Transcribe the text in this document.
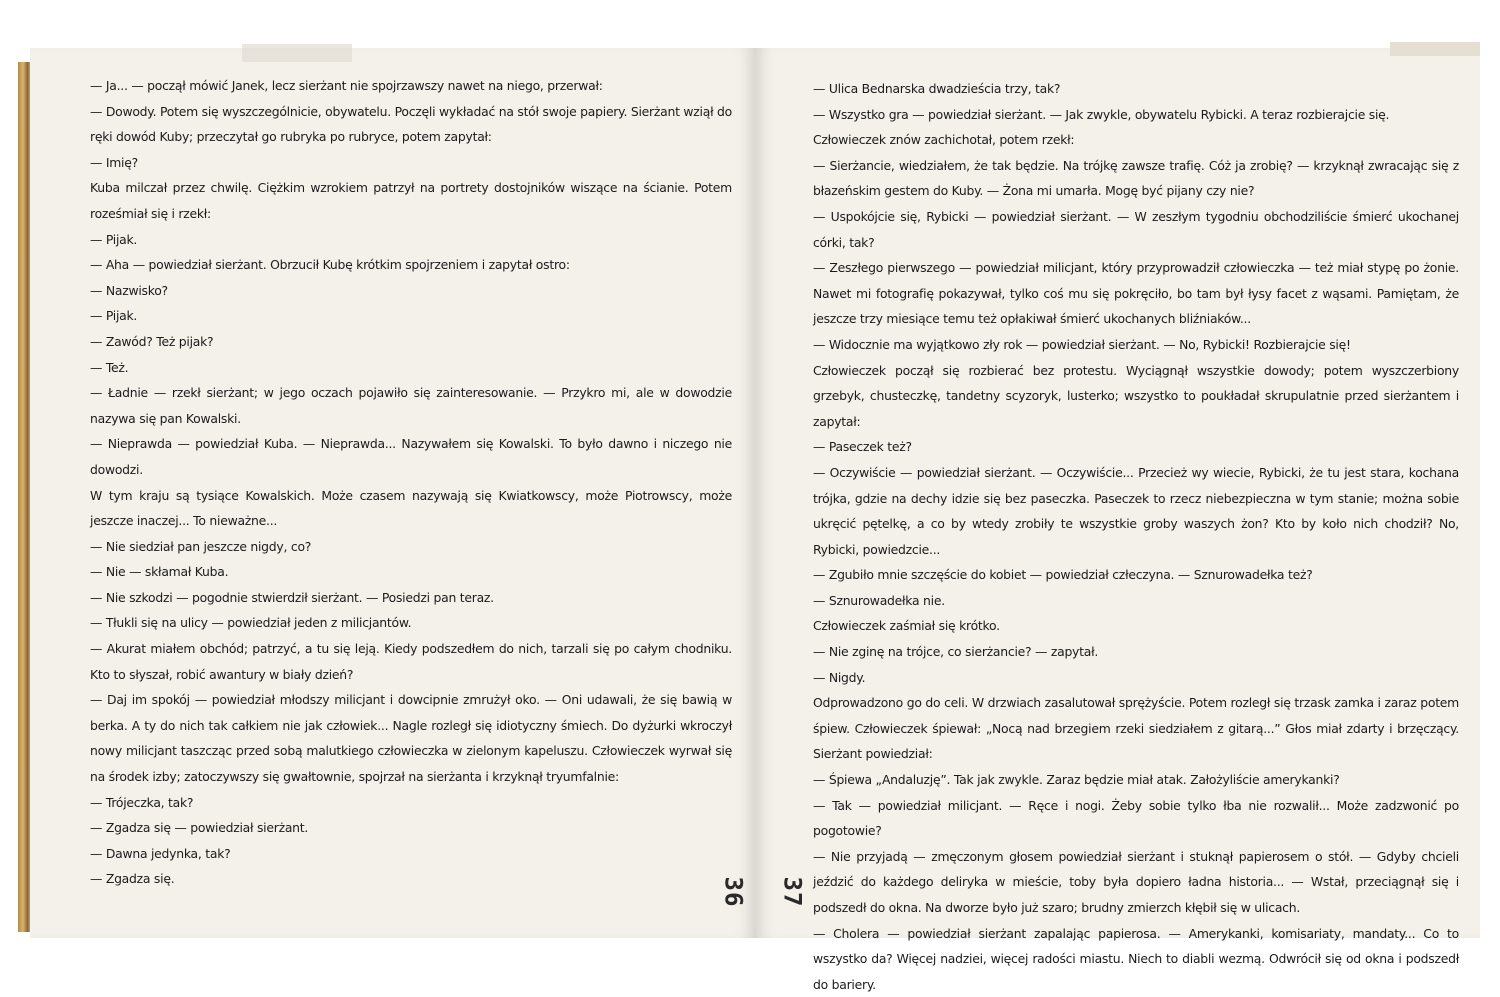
— Ja... — począł mówić Janek, lecz sierżant nie spojrzawszy nawet na niego, przerwał:

— Dowody. Potem się wyszczególnicie, obywatelu. Poczęli wykładać na stół swoje papiery. Sierżant wziął do ręki dowód Kuby; przeczytał go rubryka po rubryce, potem zapytał:

— Imię?

Kuba milczał przez chwilę. Ciężkim wzrokiem patrzył na portrety dostojników wiszące na ścianie. Potem roześmiał się i rzekł:

— Pijak.

— Aha — powiedział sierżant. Obrzucił Kubę krótkim spojrzeniem i zapytał ostro:

— Nazwisko?

— Pijak.

— Zawód? Też pijak?

— Też.

— Ładnie — rzekł sierżant; w jego oczach pojawiło się zainteresowanie. — Przykro mi, ale w dowodzie nazywa się pan Kowalski.

— Nieprawda — powiedział Kuba. — Nieprawda... Nazywałem się Kowalski. To było dawno i niczego nie dowodzi.

W tym kraju są tysiące Kowalskich. Może czasem nazywają się Kwiatkowscy, może Piotrowscy, może jeszcze inaczej... To nieważne...

— Nie siedział pan jeszcze nigdy, co?

— Nie — skłamał Kuba.

— Nie szkodzi — pogodnie stwierdził sierżant. — Posiedzi pan teraz.

— Tłukli się na ulicy — powiedział jeden z milicjantów.

— Akurat miałem obchód; patrzyć, a tu się leją. Kiedy podszedłem do nich, tarzali się po całym chodniku. Kto to słyszał, robić awantury w biały dzień?

— Daj im spokój — powiedział młodszy milicjant i dowcipnie zmrużył oko. — Oni udawali, że się bawią w berka. A ty do nich tak całkiem nie jak człowiek... Nagle rozległ się idiotyczny śmiech. Do dyżurki wkroczył nowy milicjant taszcząc przed sobą malutkiego człowieczka w zielonym kapeluszu. Człowieczek wyrwał się na środek izby; zatoczywszy się gwałtownie, spojrzał na sierżanta i krzyknął tryumfalnie:

— Trójeczka, tak?

— Zgadza się — powiedział sierżant.

— Dawna jedynka, tak?

— Zgadza się.	36

— Ulica Bednarska dwadzieścia trzy, tak?

— Wszystko gra — powiedział sierżant. — Jak zwykle, obywatelu Rybicki. A teraz rozbierajcie się.

Człowieczek znów zachichotał, potem rzekł:

— Sierżancie, wiedziałem, że tak będzie. Na trójkę zawsze trafię. Cóż ja zrobię? — krzyknął zwracając się z błazeńskim gestem do Kuby. — Żona mi umarła. Mogę być pijany czy nie?

— Uspokójcie się, Rybicki — powiedział sierżant. — W zeszłym tygodniu obchodziliście śmierć ukochanej córki, tak?

— Zeszłego pierwszego — powiedział milicjant, który przyprowadził człowieczka — też miał stypę po żonie. Nawet mi fotografię pokazywał, tylko coś mu się pokręciło, bo tam był łysy facet z wąsami. Pamiętam, że jeszcze trzy miesiące temu też opłakiwał śmierć ukochanych bliźniaków...

— Widocznie ma wyjątkowo zły rok — powiedział sierżant. — No, Rybicki! Rozbierajcie się!

Człowieczek począł się rozbierać bez protestu. Wyciągnął wszystkie dowody; potem wyszczerbiony grzebyk, chusteczkę, tandetny scyzoryk, lusterko; wszystko to poukładał skrupulatnie przed sierżantem i zapytał:

— Paseczek też?

— Oczywiście — powiedział sierżant. — Oczywiście... Przecież wy wiecie, Rybicki, że tu jest stara, kochana trójka, gdzie na dechy idzie się bez paseczka. Paseczek to rzecz niebezpieczna w tym stanie; można sobie ukręcić pętelkę, a co by wtedy zrobiły te wszystkie groby waszych żon? Kto by koło nich chodził? No, Rybicki, powiedzcie...

— Zgubiło mnie szczęście do kobiet — powiedział człeczyna. — Sznurowadełka też?

— Sznurowadełka nie.

Człowieczek zaśmiał się krótko.

— Nie zginę na trójce, co sierżancie? — zapytał.

— Nigdy.

Odprowadzono go do celi. W drzwiach zasalutował sprężyście. Potem rozległ się trzask zamka i zaraz potem śpiew. Człowieczek śpiewał: „Nocą nad brzegiem rzeki siedziałem z gitarą...” Głos miał zdarty i brzęczący. Sierżant powiedział:

— Śpiewa „Andaluzję”. Tak jak zwykle. Zaraz będzie miał atak. Założyliście amerykanki?

— Tak — powiedział milicjant. — Ręce i nogi. Żeby sobie tylko łba nie rozwalił... Może zadzwonić po pogotowie?

— Nie przyjadą — zmęczonym głosem powiedział sierżant i stuknął papierosem o stół. — Gdyby chcieli jeździć do każdego deliryka w mieście, toby była dopiero ładna historia... — Wstał, przeciągnął się i podszedł do okna. Na dworze było już szaro; brudny zmierzch kłębił się w ulicach.

— Cholera — powiedział sierżant zapalając papierosa. — Amerykanki, komisariaty, mandaty... Co to wszystko da? Więcej nadziei, więcej radości miastu. Niech to diabli wezmą. Odwrócił się od okna i podszedł do bariery.

37
